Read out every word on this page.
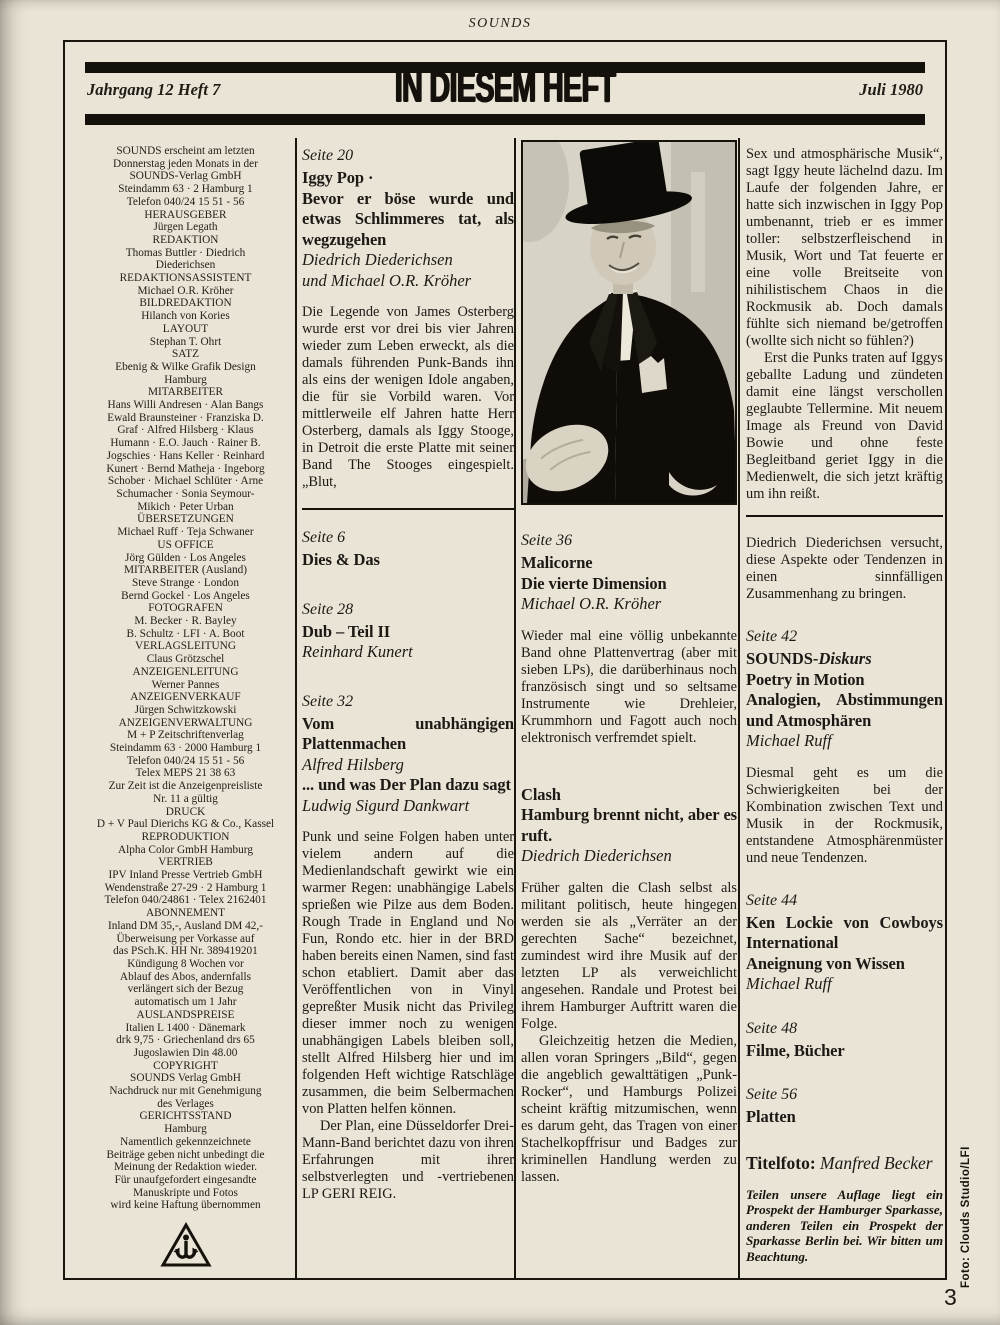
SOUNDS
Jahrgang 12 Heft 7	IN DIESEM HEFT	Juli 1980
SOUNDS erscheint am letzten
Donnerstag jeden Monats in der
SOUNDS-Verlag GmbH
Steindamm 63 · 2 Hamburg 1
Telefon 040/24 15 51 - 56
HERAUSGEBER
Jürgen Legath
REDAKTION
Thomas Buttler · Diedrich
Diederichsen
REDAKTIONSASSISTENT
Michael O.R. Kröher
BILDREDAKTION
Hilanch von Kories
LAYOUT
Stephan T. Ohrt
SATZ
Ebenig & Wilke Grafik Design
Hamburg
MITARBEITER
Hans Willi Andresen · Alan Bangs
Ewald Braunsteiner · Franziska D.
Graf · Alfred Hilsberg · Klaus
Humann · E.O. Jauch · Rainer B.
Jogschies · Hans Keller · Reinhard
Kunert · Bernd Matheja · Ingeborg
Schober · Michael Schlüter · Arne
Schumacher · Sonia Seymour-
Mikich · Peter Urban
ÜBERSETZUNGEN
Michael Ruff · Teja Schwaner
US OFFICE
Jörg Gülden · Los Angeles
MITARBEITER (Ausland)
Steve Strange · London
Bernd Gockel · Los Angeles
FOTOGRAFEN
M. Becker · R. Bayley
B. Schultz · LFI · A. Boot
VERLAGSLEITUNG
Claus Grötzschel
ANZEIGENLEITUNG
Werner Pannes
ANZEIGENVERKAUF
Jürgen Schwitzkowski
ANZEIGENVERWALTUNG
M + P Zeitschriftenverlag
Steindamm 63 · 2000 Hamburg 1
Telefon 040/24 15 51 - 56
Telex MEPS 21 38 63
Zur Zeit ist die Anzeigenpreisliste
Nr. 11 a gültig
DRUCK
D + V Paul Dierichs KG & Co., Kassel
REPRODUKTION
Alpha Color GmbH Hamburg
VERTRIEB
IPV Inland Presse Vertrieb GmbH
Wendenstraße 27-29 · 2 Hamburg 1
Telefon 040/24861 · Telex 2162401
ABONNEMENT
Inland DM 35,-, Ausland DM 42,-
Überweisung per Vorkasse auf
das PSch.K. HH Nr. 389419201
Kündigung 8 Wochen vor
Ablauf des Abos, andernfalls
verlängert sich der Bezug
automatisch um 1 Jahr
AUSLANDSPREISE
Italien L 1400 · Dänemark
drk 9,75 · Griechenland drs 65
Jugoslawien Din 48.00
COPYRIGHT
SOUNDS Verlag GmbH
Nachdruck nur mit Genehmigung
des Verlages
GERICHTSSTAND
Hamburg
Namentlich gekennzeichnete
Beiträge geben nicht unbedingt die
Meinung der Redaktion wieder.
Für unaufgefordert eingesandte
Manuskripte und Fotos
wird keine Haftung übernommen
Seite 20
Iggy Pop ·
Bevor er böse wurde und etwas Schlimmeres tat, als wegzugehen
Diedrich Diederichsen
und Michael O.R. Kröher
Die Legende von James Osterberg wurde erst vor drei bis vier Jahren wieder zum Leben erweckt, als die damals führenden Punk-Bands ihn als eins der wenigen Idole angaben, die für sie Vorbild waren. Vor mittlerweile elf Jahren hatte Herr Osterberg, damals als Iggy Stooge, in Detroit die erste Platte mit seiner Band The Stooges eingespielt. „Blut,
Seite 6
Dies & Das
Seite 28
Dub – Teil II
Reinhard Kunert
Seite 32
Vom unabhängigen Plattenmachen
Alfred Hilsberg
... und was Der Plan dazu sagt
Ludwig Sigurd Dankwart
Punk und seine Folgen haben unter vielem andern auf die Medienlandschaft gewirkt wie ein warmer Regen: unabhängige Labels sprießen wie Pilze aus dem Boden. Rough Trade in England und No Fun, Rondo etc. hier in der BRD haben bereits einen Namen, sind fast schon etabliert. Damit aber das Veröffentlichen von in Vinyl gepreßter Musik nicht das Privileg dieser immer noch zu wenigen unabhängigen Labels bleiben soll, stellt Alfred Hilsberg hier und im folgenden Heft wichtige Ratschläge zusammen, die beim Selbermachen von Platten helfen können.
Der Plan, eine Düsseldorfer Drei-Mann-Band berichtet dazu von ihren Erfahrungen mit ihrer selbstverlegten und -vertriebenen LP GERI REIG.
Seite 36
Malicorne
Die vierte Dimension
Michael O.R. Kröher
Wieder mal eine völlig unbekannte Band ohne Plattenvertrag (aber mit sieben LPs), die darüberhinaus noch französisch singt und so seltsame Instrumente wie Drehleier, Krummhorn und Fagott auch noch elektronisch verfremdet spielt.
Clash
Hamburg brennt nicht, aber es ruft.
Diedrich Diederichsen
Früher galten die Clash selbst als militant politisch, heute hingegen werden sie als „Verräter an der gerechten Sache“ bezeichnet, zumindest wird ihre Musik auf der letzten LP als verweichlicht angesehen. Randale und Protest bei ihrem Hamburger Auftritt waren die Folge.
Gleichzeitig hetzen die Medien, allen voran Springers „Bild“, gegen die angeblich gewalttätigen „Punk-Rocker“, und Hamburgs Polizei scheint kräftig mitzumischen, wenn es darum geht, das Tragen von einer Stachelkopffrisur und Badges zur kriminellen Handlung werden zu lassen.
Sex und atmosphärische Musik“, sagt Iggy heute lächelnd dazu. Im Laufe der folgenden Jahre, er hatte sich inzwischen in Iggy Pop umbenannt, trieb er es immer toller: selbstzerfleischend in Musik, Wort und Tat feuerte er eine volle Breitseite von nihilistischem Chaos in die Rockmusik ab. Doch damals fühlte sich niemand be/getroffen (wollte sich nicht so fühlen?)
Erst die Punks traten auf Iggys geballte Ladung und zündeten damit eine längst verschollen geglaubte Tellermine. Mit neuem Image als Freund von David Bowie und ohne feste Begleitband geriet Iggy in die Medienwelt, die sich jetzt kräftig um ihn reißt.
Diedrich Diederichsen versucht, diese Aspekte oder Tendenzen in einen sinnfälligen Zusammenhang zu bringen.
Seite 42
SOUNDS-Diskurs
Poetry in Motion
Analogien, Abstimmungen und Atmosphären
Michael Ruff
Diesmal geht es um die Schwierigkeiten bei der Kombination zwischen Text und Musik in der Rockmusik, entstandene Atmosphärenmüster und neue Tendenzen.
Seite 44
Ken Lockie von Cowboys International
Aneignung von Wissen
Michael Ruff
Seite 48
Filme, Bücher
Seite 56
Platten
Titelfoto: Manfred Becker
Teilen unsere Auflage liegt ein Prospekt der Hamburger Sparkasse, anderen Teilen ein Prospekt der Sparkasse Berlin bei. Wir bitten um Beachtung.
3
Foto: Clouds Studio/LFI
